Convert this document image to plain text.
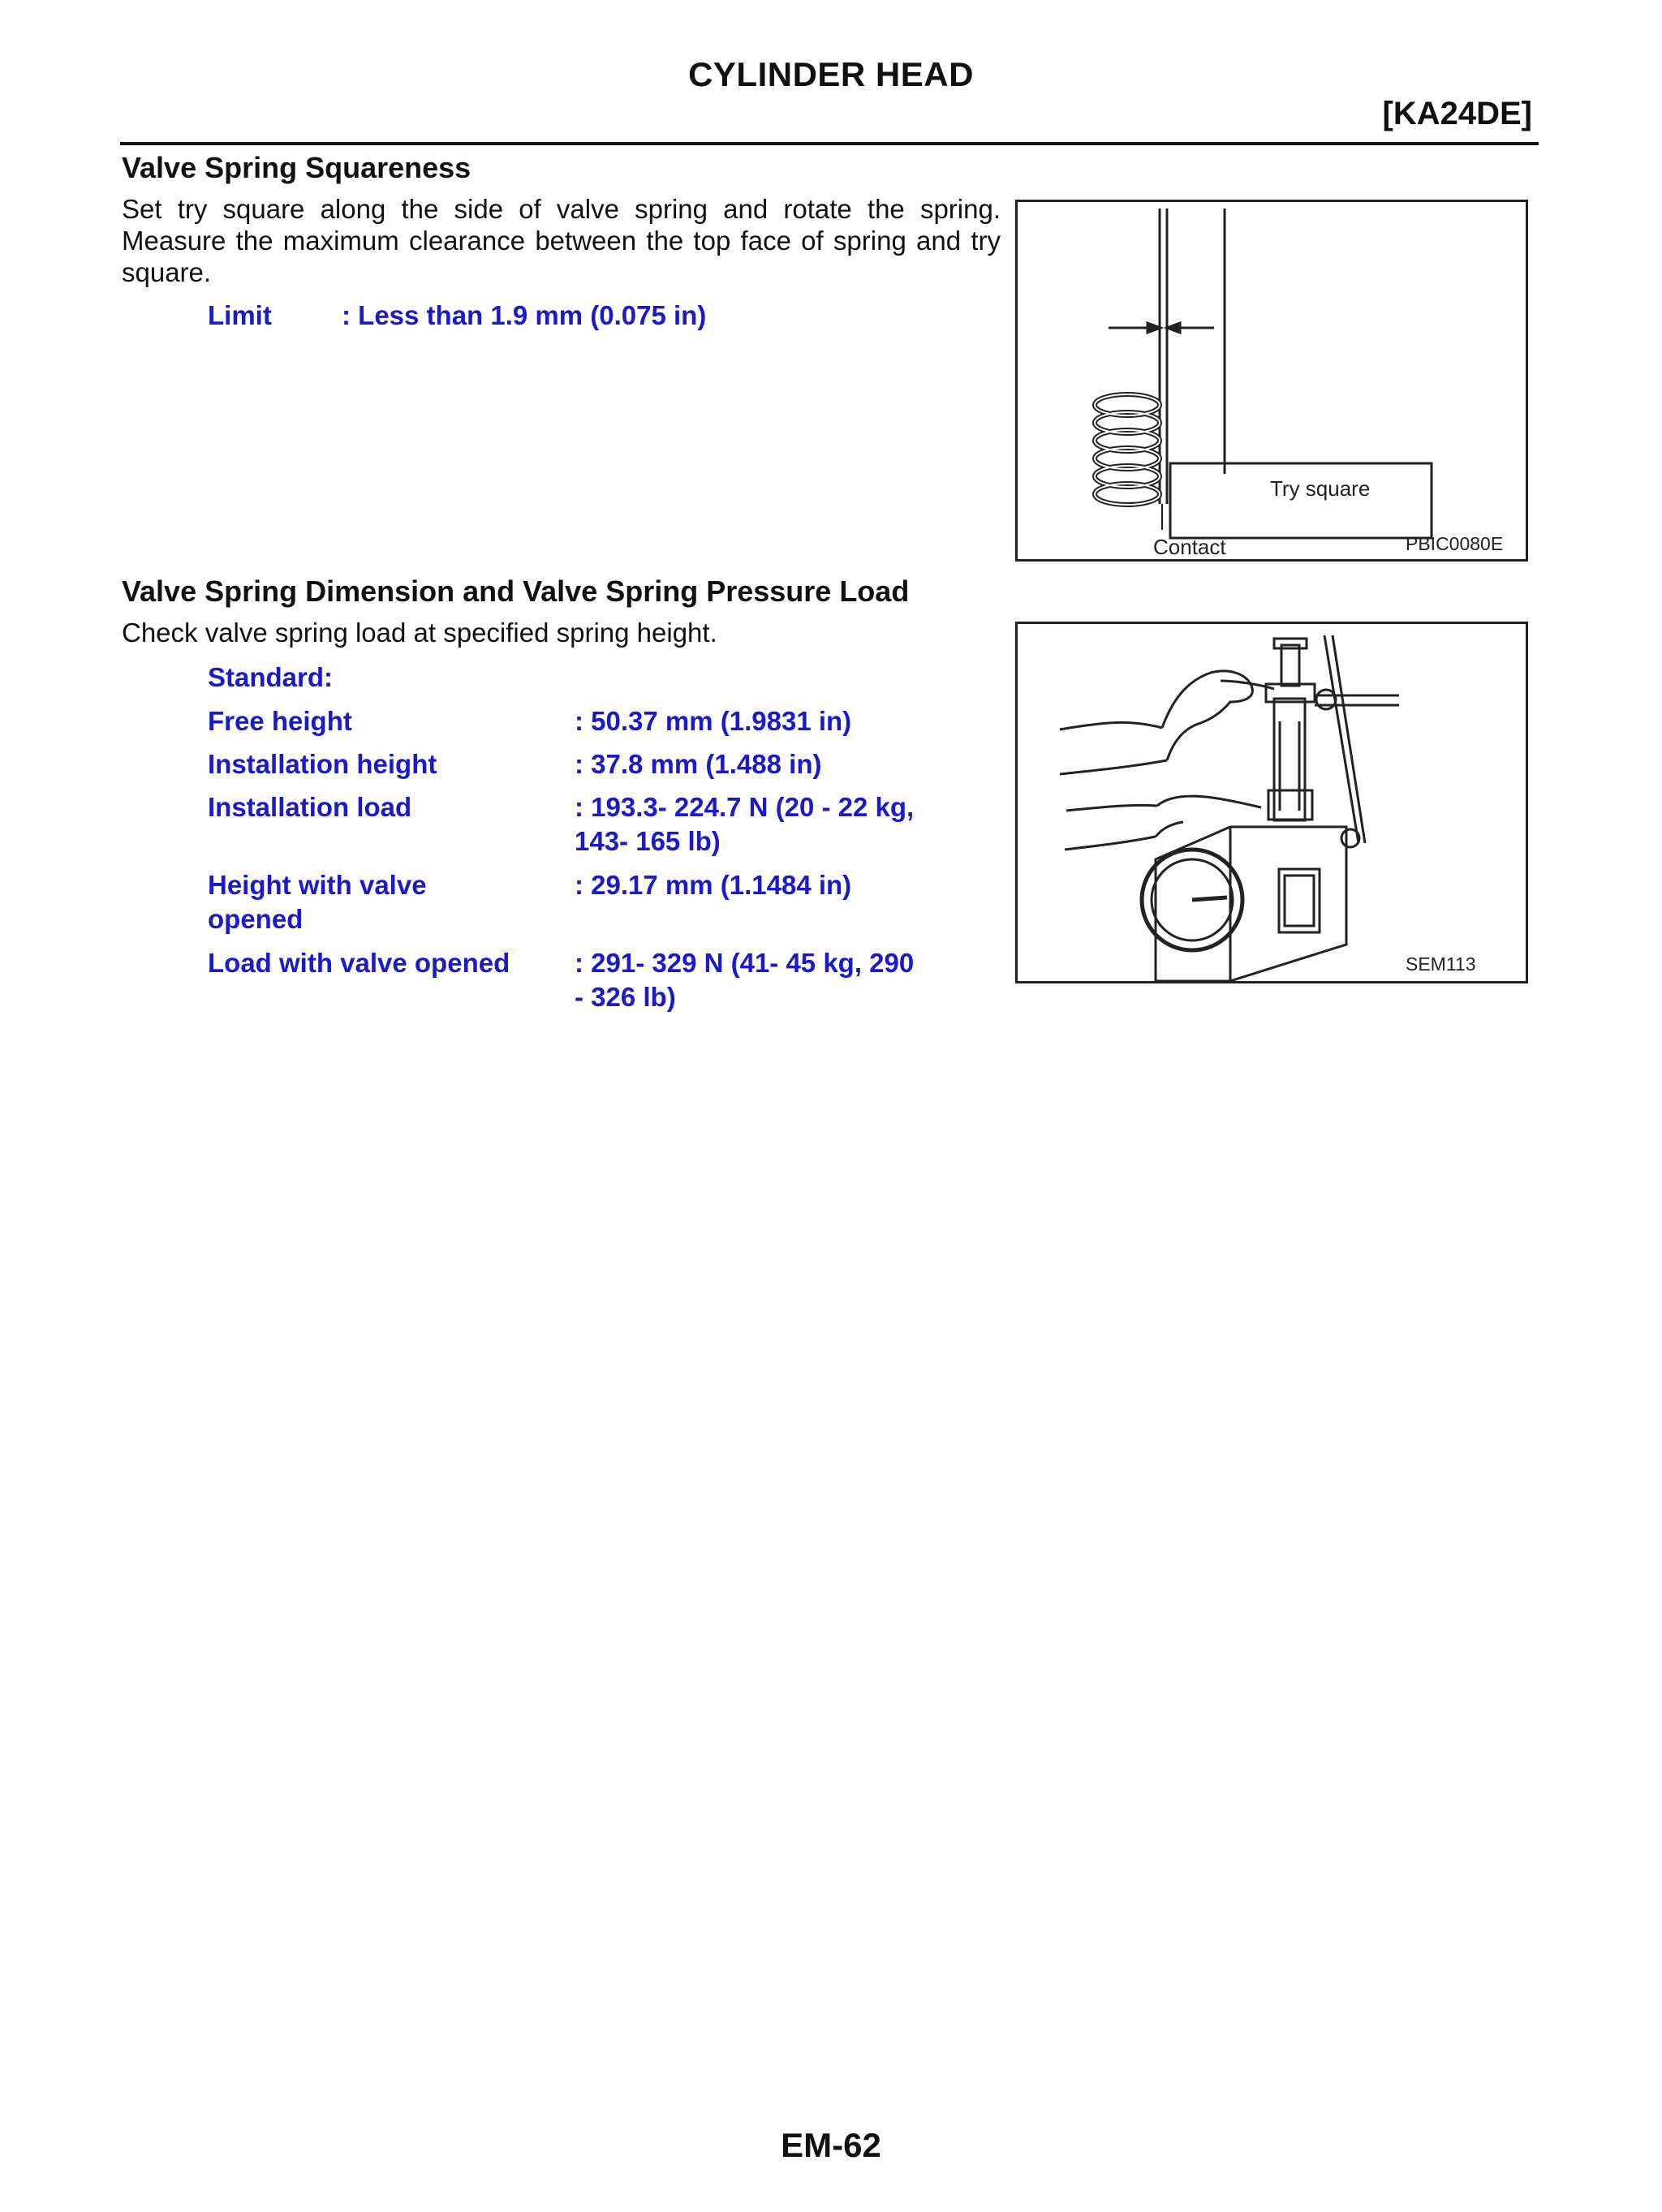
CYLINDER HEAD
[KA24DE]
Valve Spring Squareness
Set try square along the side of valve spring and rotate the spring. Measure the maximum clearance between the top face of spring and try square.
Limit	: Less than 1.9 mm (0.075 in)
Try square
Contact	PBIC0080E
Valve Spring Dimension and Valve Spring Pressure Load
Check valve spring load at specified spring height.
Standard:
Free height	: 50.37 mm (1.9831 in)
Installation height	: 37.8 mm (1.488 in)
Installation load	: 193.3- 224.7 N (20 - 22 kg,
143- 165 lb)
Height with valve
opened
: 29.17 mm (1.1484 in)
Load with valve opened : 291- 329 N (41- 45 kg, 290
- 326 lb)
SEM113
EM-62
